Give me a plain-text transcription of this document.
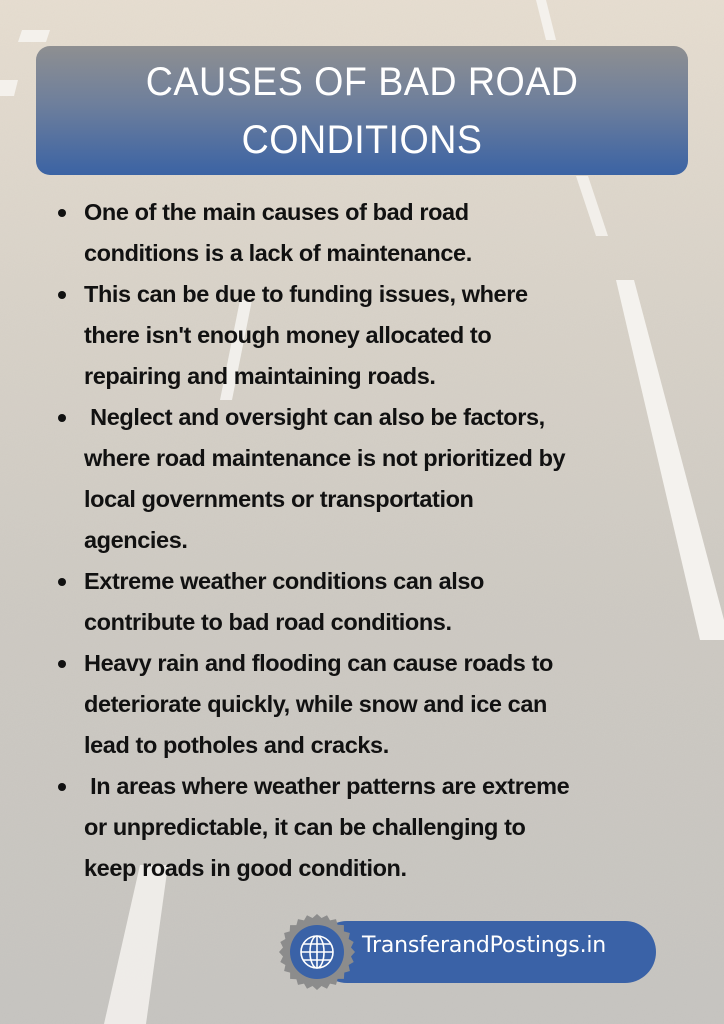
CAUSES OF BAD ROAD
CONDITIONS
One of the main causes of bad road
conditions is a lack of maintenance.
This can be due to funding issues, where
there isn't enough money allocated to
repairing and maintaining roads.
Neglect and oversight can also be factors,
where road maintenance is not prioritized by
local governments or transportation
agencies.
Extreme weather conditions can also
contribute to bad road conditions.
Heavy rain and flooding can cause roads to
deteriorate quickly, while snow and ice can
lead to potholes and cracks.
In areas where weather patterns are extreme
or unpredictable, it can be challenging to
keep roads in good condition.
TransferandPostings.in
